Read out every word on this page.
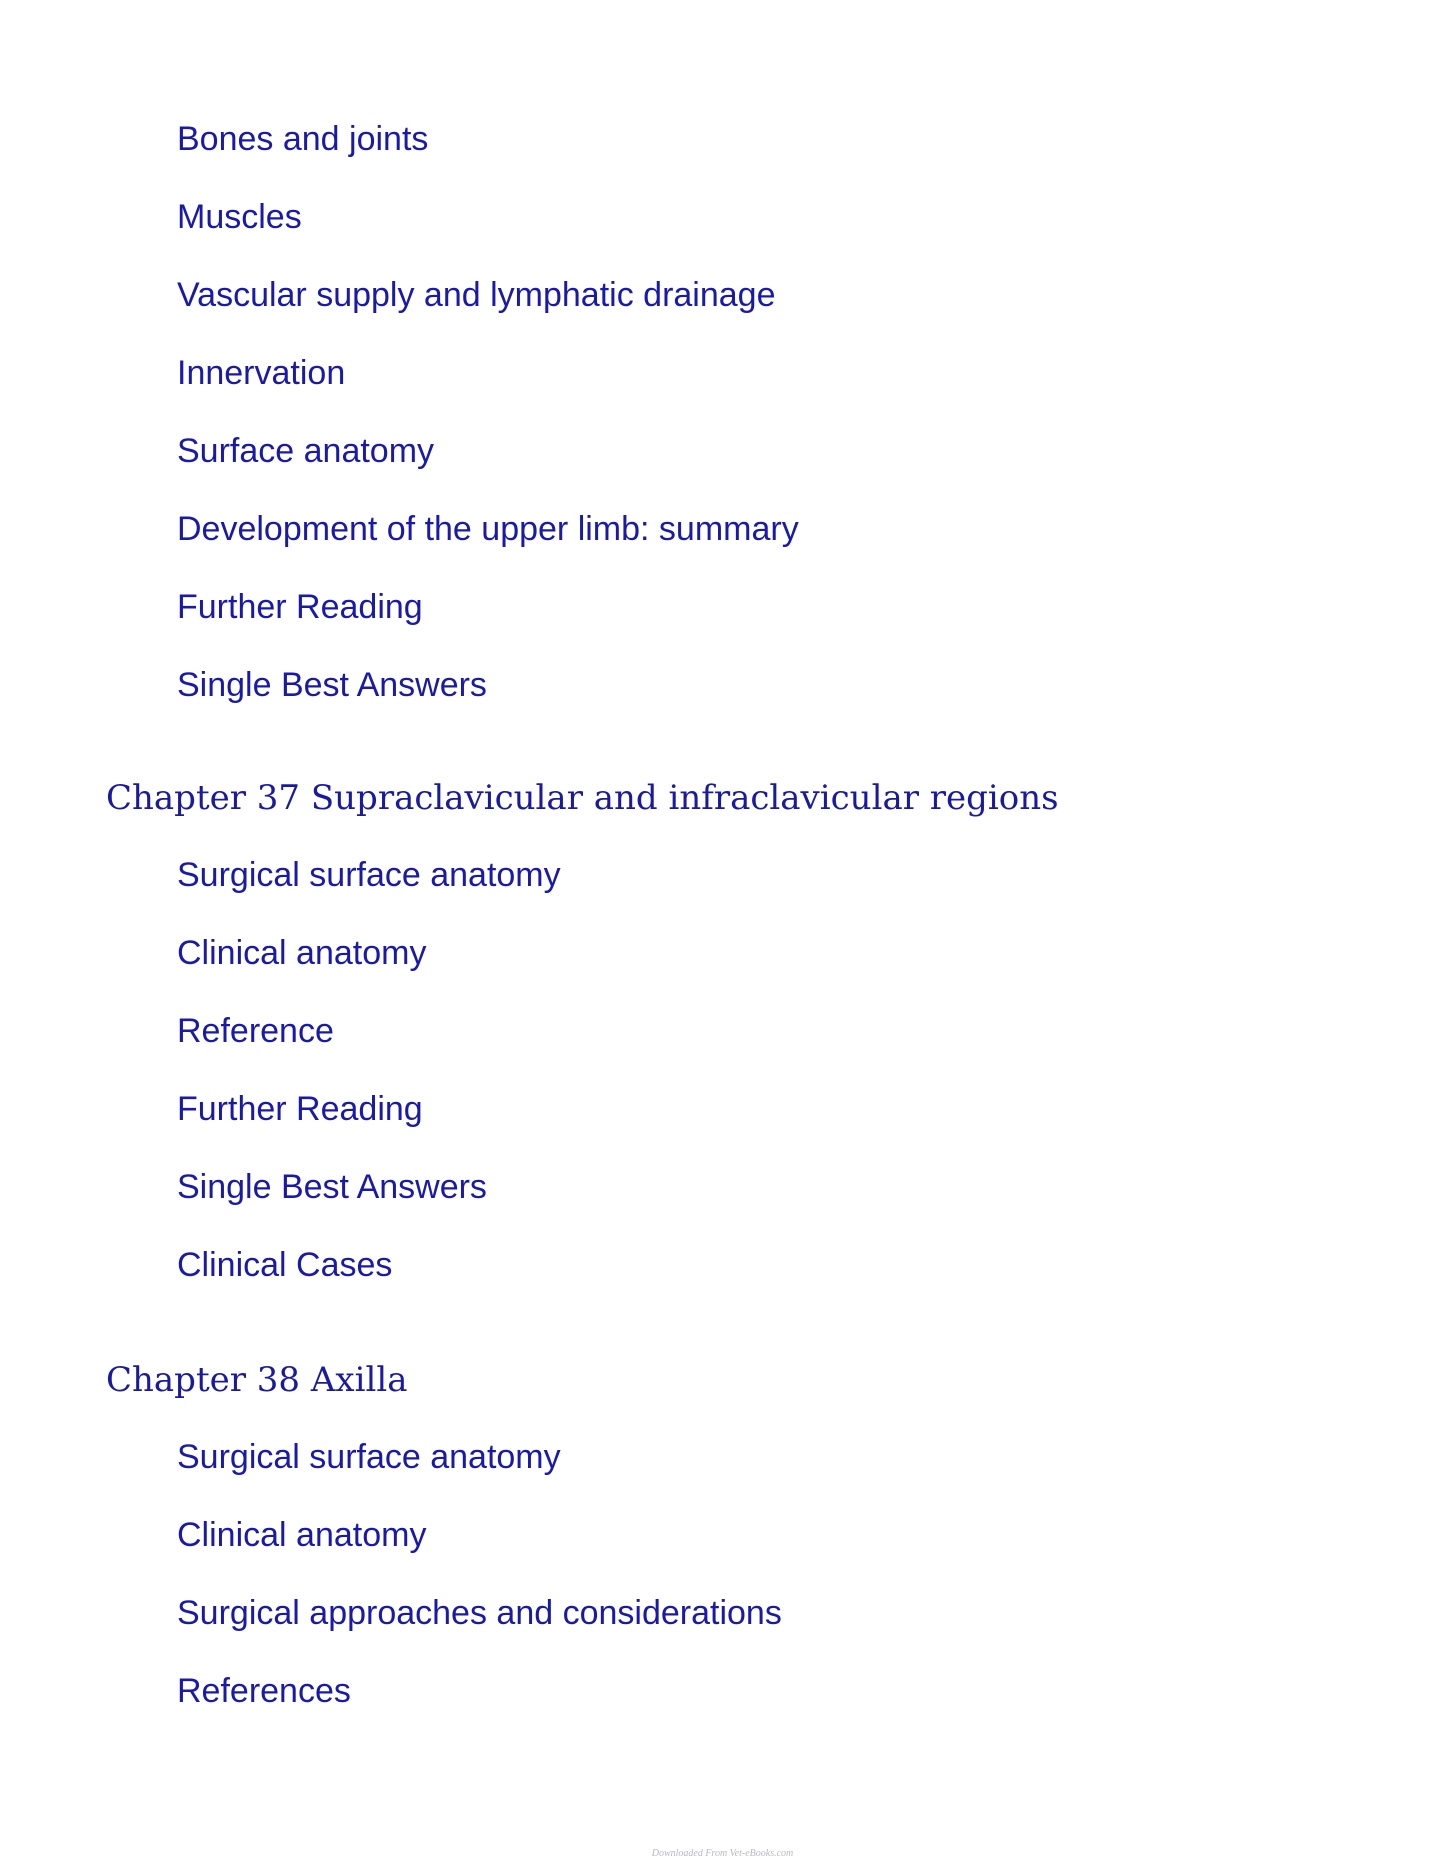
Bones and joints
Muscles
Vascular supply and lymphatic drainage
Innervation
Surface anatomy
Development of the upper limb: summary
Further Reading
Single Best Answers
Chapter 37 Supraclavicular and infraclavicular regions
Surgical surface anatomy
Clinical anatomy
Reference
Further Reading
Single Best Answers
Clinical Cases
Chapter 38 Axilla
Surgical surface anatomy
Clinical anatomy
Surgical approaches and considerations
References
Downloaded From Vet-eBooks.com
